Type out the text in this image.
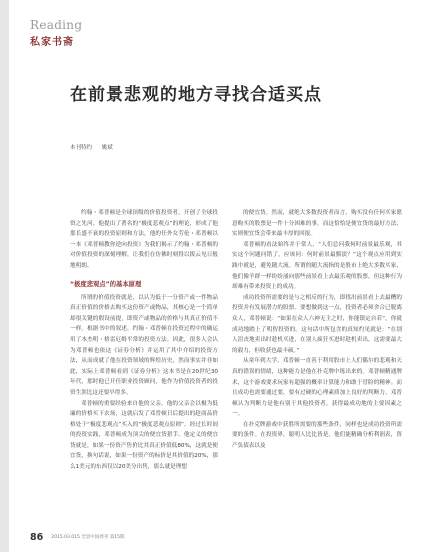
Reading
私家书斋
在前景悲观的地方寻找合适买点
本刊特约 姚斌

约翰・邓普顿是全球顶级的价值投资者，开创了全球投资之先河。他提出了著名的“极度悲观点”的理论，形成了他那长盛不衰的投资原则和方法，他的任外女劳伦・邓普顿以一本《邓普顿教你逆向投资》为我们揭示了约翰・邓普顿的对价值投资的深刻理解，让我们在仿佛时刻得以拨云见日般地明朗。

“极度悲观点”的基本原理

所谓的价值投资就是，以认为低于一分资产或一件物品真正价值的价格去购买这份资产或物品，其核心是一个简单却很关键的假设前提，即资产或物品的价格与其真正价值不一样。根据书中的叙述，约翰・邓普顿在投资过程中的确运用了本杰明・格雷厄姆平常的投资方法。因此，很多人会认为邓普顿也依这《证券分析》并运用了其中介绍的投资方法，从而成就了他在投资领域的辉煌历史，然而事实并非如此，实际上邓普顿看到《证券分析》这本书是在20世纪30年代，那时他已开任职业投资顾问，他作为价值投资者的投资生涯比这还要早得多。

邓普顿的重要经验来自他的父亲。他的父亲会以极为低廉的价格买下农场，这就启发了邓普顿日后提出的趁商品价格处于“极度悲观点”买入的“极度悲观点原则”。经过长时间的投资实践，邓普顿成为顶尖的便宜货猎手。他定义的便宜货就是，如果一份资产售价比其真正价值低80%，这就是便宜货，换句话说，如果一份资产的标价是其价值的20%，那么1美元的东西仅以20美分出售，那么就是理想

的便宜货。然而，就绝大多数投资者而言，购买没有任何买家愿意购买的股票是一件十分困难的事，而这恰恰是便宜货的最好方法，实则便宜货会带来最丰厚的回报。

邓普顿的看法始终并于常人，“人们总问我何时前景最乐观，其实这个问题问错了，应该问：何时前景最黯淡？”这个观点应用到实践中就是，避免随大流。所谓的随大流指的是股市上绝大多数买家，他们像羊群一样纷纷涌向那些前景看上去最乐观的股票，但这种行为却难有带来投资上的成功。

成功投资所需要的是与之相反的行为，即找出前景看上去最糟的投资并有发展潜力的股票。要想做到这一点，投资者必须舍合已脱离众人，邓普顿说：“如果在众人六神无主之时，你能镇定自若”，你就成功地踏上了明智投资的。这句话中所包含的真知灼见就是：“在别人沮丧地卖出时趁机买进，在别人疯狂买进时趁机卖出，这需要最大的毅力，但收获也最丰硕。”

从童年到大学，邓普顿一直善于利用股市上人们偶尔的悲观和天真的错误的情绪，这种能力是他在扑克牌中练出来的。邓普顿精通牌术，这个游戏要求玩家有超强的概率计算能力和敢于冒险的精神。而且成功也需要通过要，要有过硬的心理素质加上良好的判断力。邓普顿认为判断力是他有别于其他投资者，获得最成功地的主要因素之一。

在扑克牌游戏中获胜所需要的那些条件，同样也是成功投资所需要的条件。在投资界，聪明人比比皆是，他们能精确分析利润表，资产负债表以及

86 2015.03.015 全景中国周刊 第15期
